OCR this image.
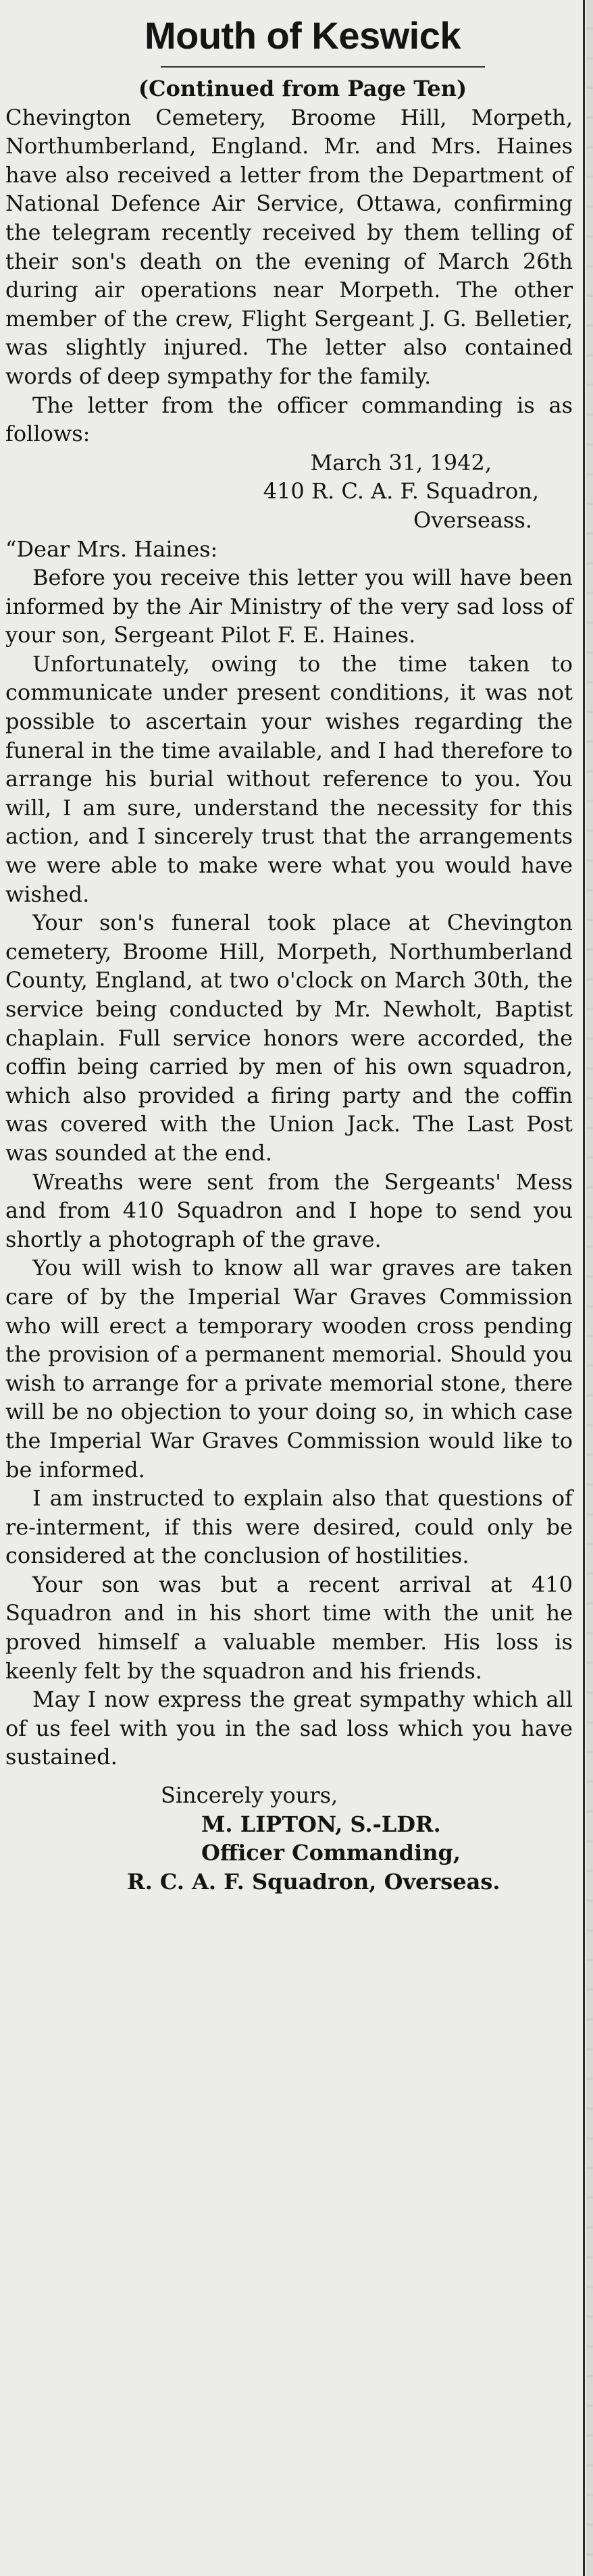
Mouth of Keswick

(Continued from Page Ten)

Chevington Cemetery, Broome Hill, Morpeth, Northumberland, England. Mr. and Mrs. Haines have also received a letter from the Department of National Defence Air Service, Ottawa, confirming the telegram recently received by them telling of their son's death on the evening of March 26th during air operations near Morpeth. The other member of the crew, Flight Sergeant J. G. Belletier, was slightly injured. The letter also contained words of deep sympathy for the family.

The letter from the officer commanding is as follows:

March 31, 1942,
410 R. C. A. F. Squadron,
Overseass.

“Dear Mrs. Haines:

Before you receive this letter you will have been informed by the Air Ministry of the very sad loss of your son, Sergeant Pilot F. E. Haines.

Unfortunately, owing to the time taken to communicate under present conditions, it was not possible to ascertain your wishes regarding the funeral in the time available, and I had therefore to arrange his burial without reference to you. You will, I am sure, understand the necessity for this action, and I sincerely trust that the arrangements we were able to make were what you would have wished.

Your son's funeral took place at Chevington cemetery, Broome Hill, Morpeth, Northumberland County, England, at two o'clock on March 30th, the service being conducted by Mr. Newholt, Baptist chaplain. Full service honors were accorded, the coffin being carried by men of his own squadron, which also provided a firing party and the coffin was covered with the Union Jack. The Last Post was sounded at the end.

Wreaths were sent from the Sergeants' Mess and from 410 Squadron and I hope to send you shortly a photograph of the grave.

You will wish to know all war graves are taken care of by the Imperial War Graves Commission who will erect a temporary wooden cross pending the provision of a permanent memorial. Should you wish to arrange for a private memorial stone, there will be no objection to your doing so, in which case the Imperial War Graves Commission would like to be informed.

I am instructed to explain also that questions of re-interment, if this were desired, could only be considered at the conclusion of hostilities.

Your son was but a recent arrival at 410 Squadron and in his short time with the unit he proved himself a valuable member. His loss is keenly felt by the squadron and his friends.

May I now express the great sympathy which all of us feel with you in the sad loss which you have sustained.

Sincerely yours,
M. LIPTON, S.-LDR.
Officer Commanding,
R. C. A. F. Squadron, Overseas.
